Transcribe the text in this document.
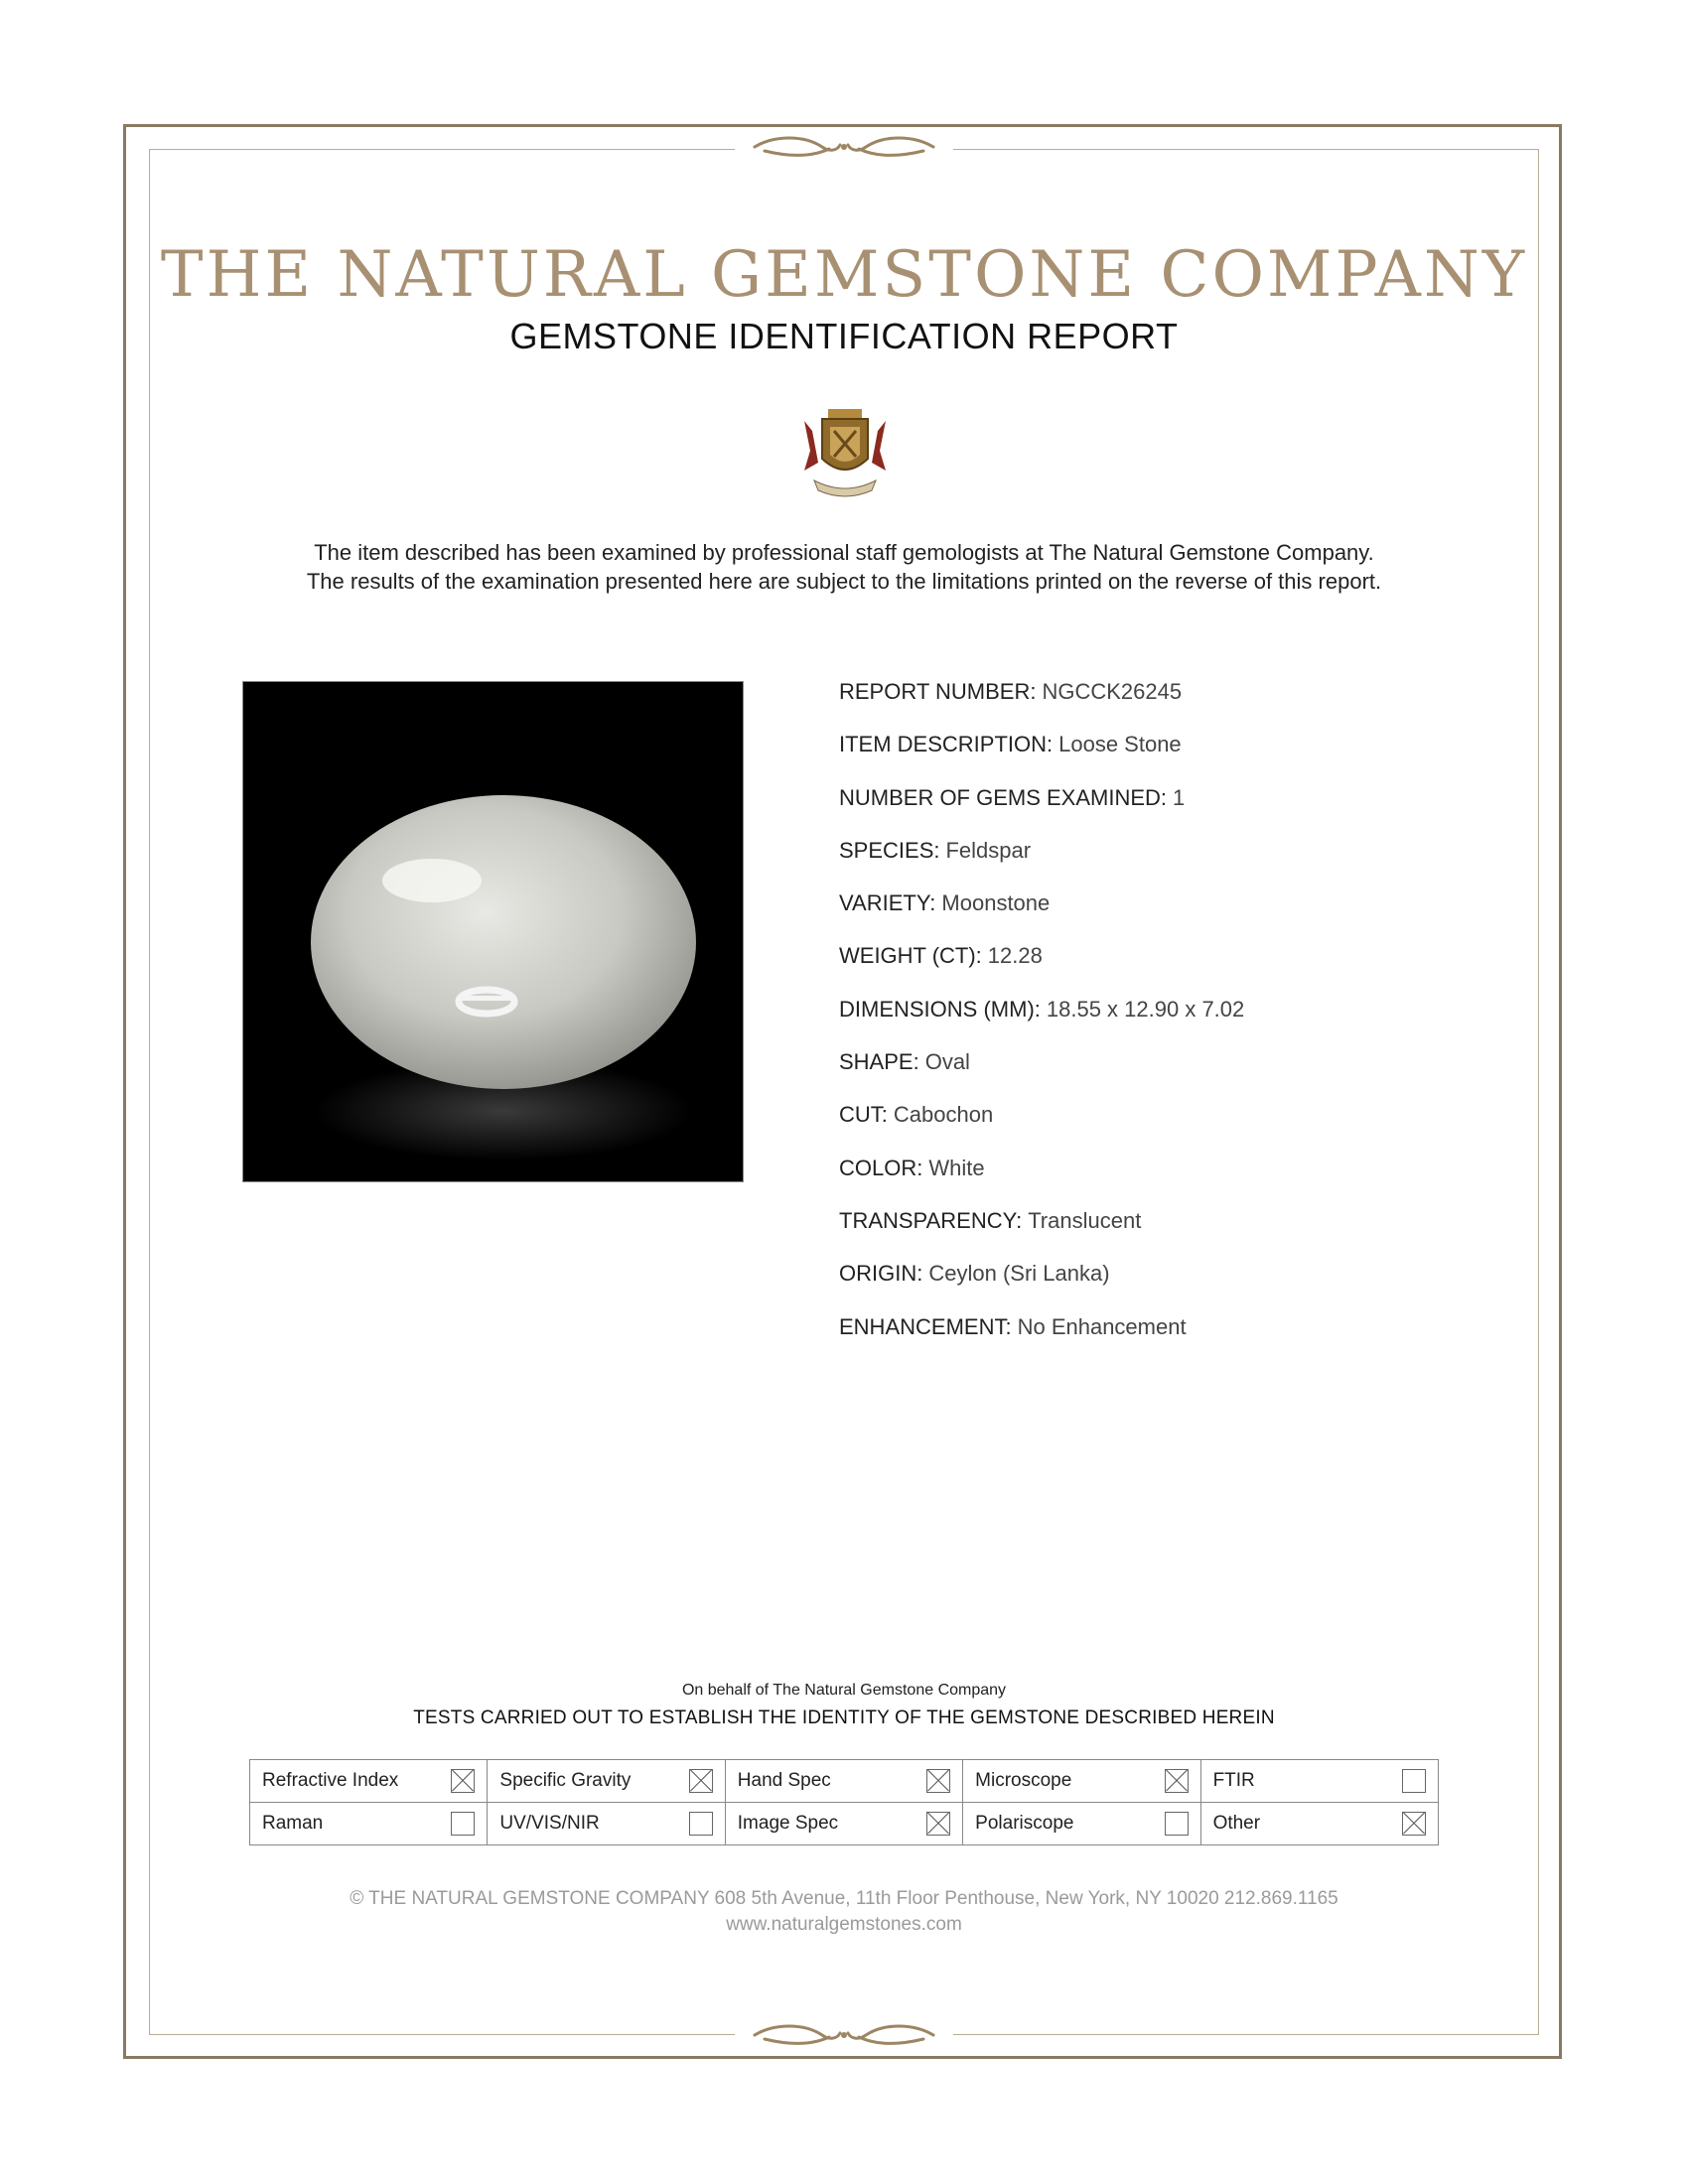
THE NATURAL GEMSTONE COMPANY
GEMSTONE IDENTIFICATION REPORT
The item described has been examined by professional staff gemologists at The Natural Gemstone Company.
The results of the examination presented here are subject to the limitations printed on the reverse of this report.
REPORT NUMBER: NGCCK26245
ITEM DESCRIPTION: Loose Stone
NUMBER OF GEMS EXAMINED: 1
SPECIES: Feldspar
VARIETY: Moonstone
WEIGHT (CT): 12.28
DIMENSIONS (MM): 18.55 x 12.90 x 7.02
SHAPE: Oval
CUT: Cabochon
COLOR: White
TRANSPARENCY: Translucent
ORIGIN: Ceylon (Sri Lanka)
ENHANCEMENT: No Enhancement
On behalf of The Natural Gemstone Company
TESTS CARRIED OUT TO ESTABLISH THE IDENTITY OF THE GEMSTONE DESCRIBED HEREIN
Refractive Index	Specific Gravity	Hand Spec	Microscope	FTIR

Raman	UV/VIS/NIR	Image Spec	Polariscope	Other
© THE NATURAL GEMSTONE COMPANY 608 5th Avenue, 11th Floor Penthouse, New York, NY 10020 212.869.1165
www.naturalgemstones.com
